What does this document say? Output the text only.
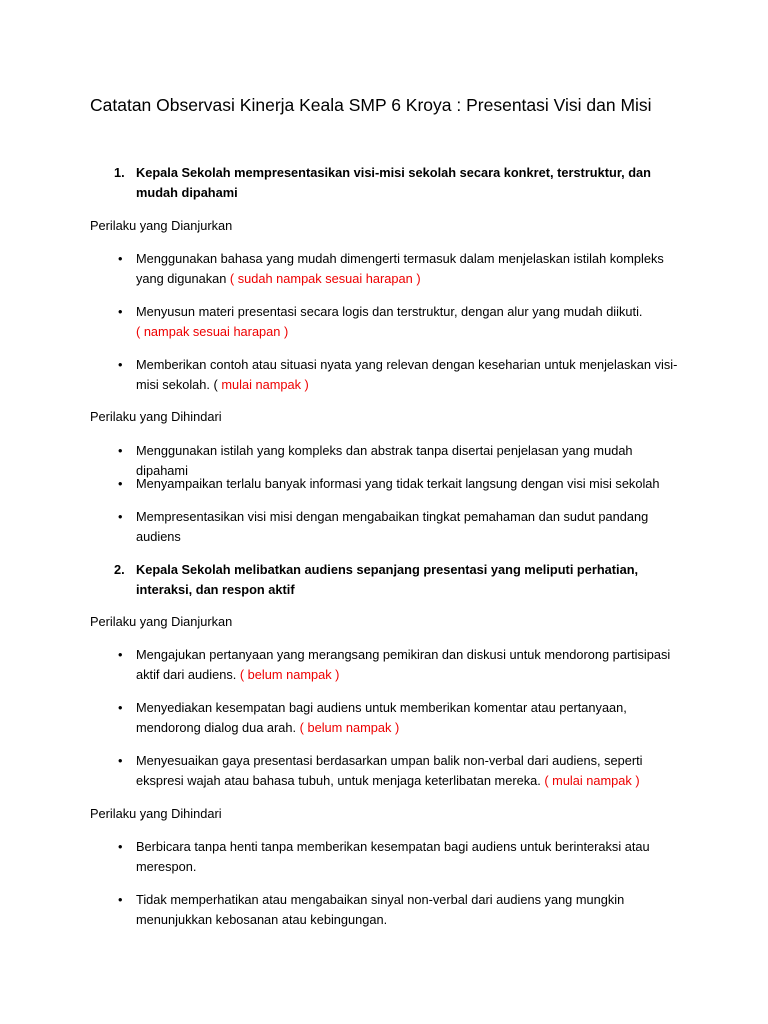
Catatan Observasi Kinerja Keala SMP 6 Kroya : Presentasi Visi dan Misi
1. Kepala Sekolah mempresentasikan visi-misi sekolah secara konkret, terstruktur, dan mudah dipahami
Perilaku yang Dianjurkan
• Menggunakan bahasa yang mudah dimengerti termasuk dalam menjelaskan istilah kompleks yang digunakan ( sudah nampak sesuai harapan )
• Menyusun materi presentasi secara logis dan terstruktur, dengan alur yang mudah diikuti.
( nampak sesuai harapan )
• Memberikan contoh atau situasi nyata yang relevan dengan keseharian untuk menjelaskan visi-misi sekolah. ( mulai nampak )
Perilaku yang Dihindari
• Menggunakan istilah yang kompleks dan abstrak tanpa disertai penjelasan yang mudah dipahami
• Menyampaikan terlalu banyak informasi yang tidak terkait langsung dengan visi misi sekolah
• Mempresentasikan visi misi dengan mengabaikan tingkat pemahaman dan sudut pandang audiens
2. Kepala Sekolah melibatkan audiens sepanjang presentasi yang meliputi perhatian, interaksi, dan respon aktif
Perilaku yang Dianjurkan
• Mengajukan pertanyaan yang merangsang pemikiran dan diskusi untuk mendorong partisipasi aktif dari audiens. ( belum nampak )
• Menyediakan kesempatan bagi audiens untuk memberikan komentar atau pertanyaan, mendorong dialog dua arah. ( belum nampak )
• Menyesuaikan gaya presentasi berdasarkan umpan balik non-verbal dari audiens, seperti ekspresi wajah atau bahasa tubuh, untuk menjaga keterlibatan mereka. ( mulai nampak )
Perilaku yang Dihindari
• Berbicara tanpa henti tanpa memberikan kesempatan bagi audiens untuk berinteraksi atau merespon.
• Tidak memperhatikan atau mengabaikan sinyal non-verbal dari audiens yang mungkin menunjukkan kebosanan atau kebingungan.
